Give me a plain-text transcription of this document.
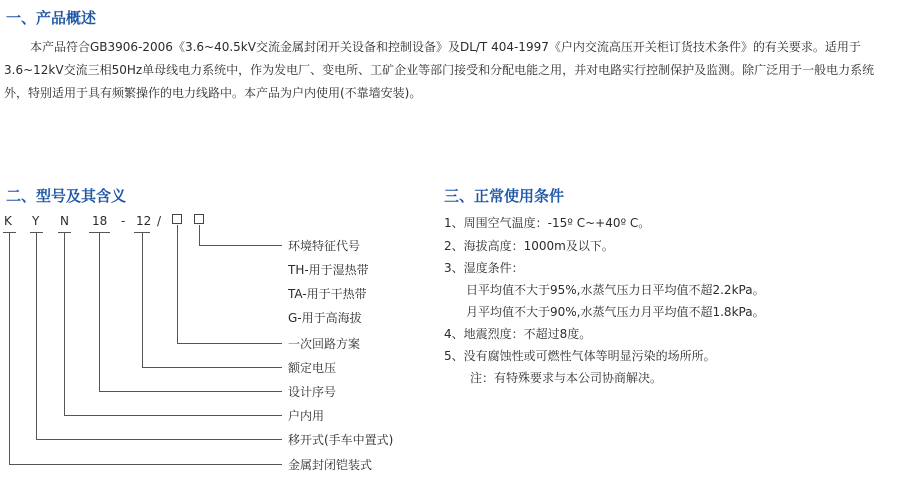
一、产品概述
本产品符合GB3906-2006《3.6~40.5kV交流金属封闭开关设备和控制设备》及DL/T 404-1997《户内交流高压开关柜订货技术条件》的有关要求。适用于3.6~12kV交流三相50Hz单母线电力系统中，作为发电厂、变电所、工矿企业等部门接受和分配电能之用，并对电路实行控制保护及监测。除广泛用于一般电力系统外，特别适用于具有频繁操作的电力线路中。本产品为户内使用(不靠墙安装)。
二、型号及其含义
K Y N 18 - 12 /
环境特征代号
TH-用于湿热带
TA-用于干热带
G-用于高海拔
一次回路方案
额定电压
设计序号
户内用
移开式(手车中置式)
金属封闭铠装式
三、正常使用条件
1、周围空气温度：-15º C~+40º C。
2、海拔高度：1000m及以下。
3、湿度条件：
日平均值不大于95%,水蒸气压力日平均值不超2.2kPa。
月平均值不大于90%,水蒸气压力月平均值不超1.8kPa。
4、地震烈度：不超过8度。
5、没有腐蚀性或可燃性气体等明显污染的场所所。
注：有特殊要求与本公司协商解决。
